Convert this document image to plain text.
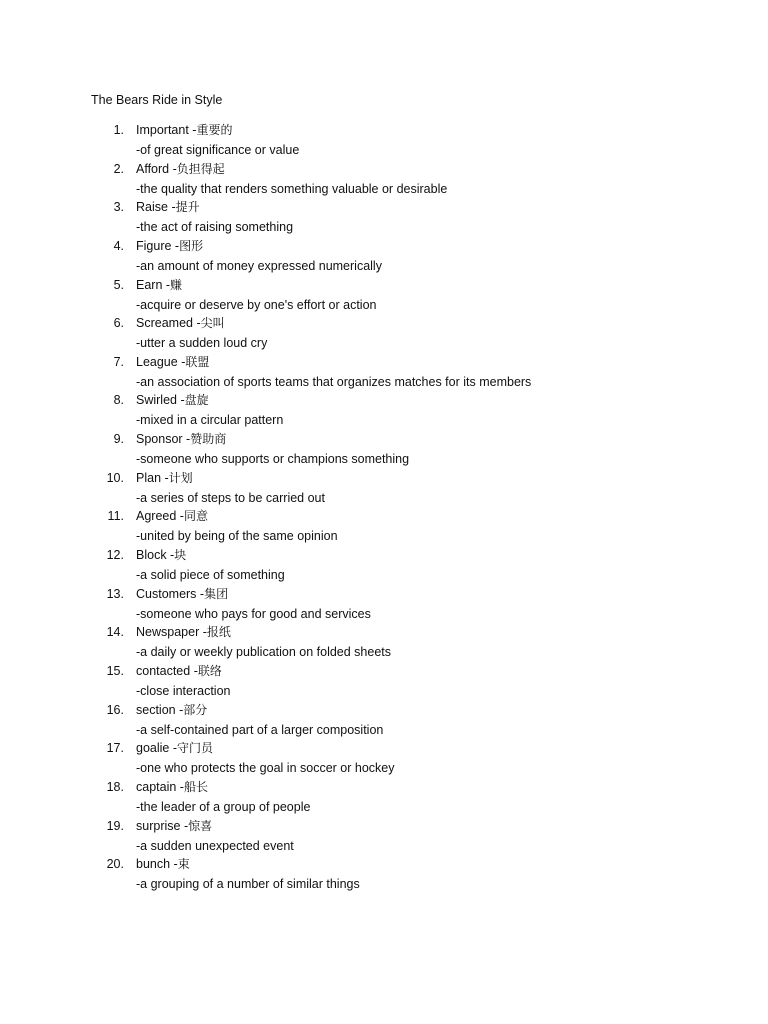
The Bears Ride in Style
1. Important -重要的
-of great significance or value
2. Afford -负担得起
-the quality that renders something valuable or desirable
3. Raise -提升
-the act of raising something
4. Figure -图形
-an amount of money expressed numerically
5. Earn -赚
-acquire or deserve by one's effort or action
6. Screamed -尖叫
-utter a sudden loud cry
7. League -联盟
-an association of sports teams that organizes matches for its members
8. Swirled -盘旋
-mixed in a circular pattern
9. Sponsor -赞助商
-someone who supports or champions something
10. Plan -计划
-a series of steps to be carried out
11. Agreed -同意
-united by being of the same opinion
12. Block -块
-a solid piece of something
13. Customers -集团
-someone who pays for good and services
14. Newspaper -报纸
-a daily or weekly publication on folded sheets
15. contacted -联络
-close interaction
16. section -部分
-a self-contained part of a larger composition
17. goalie -守门员
-one who protects the goal in soccer or hockey
18. captain -船长
-the leader of a group of people
19. surprise -惊喜
-a sudden unexpected event
20. bunch -束
-a grouping of a number of similar things
